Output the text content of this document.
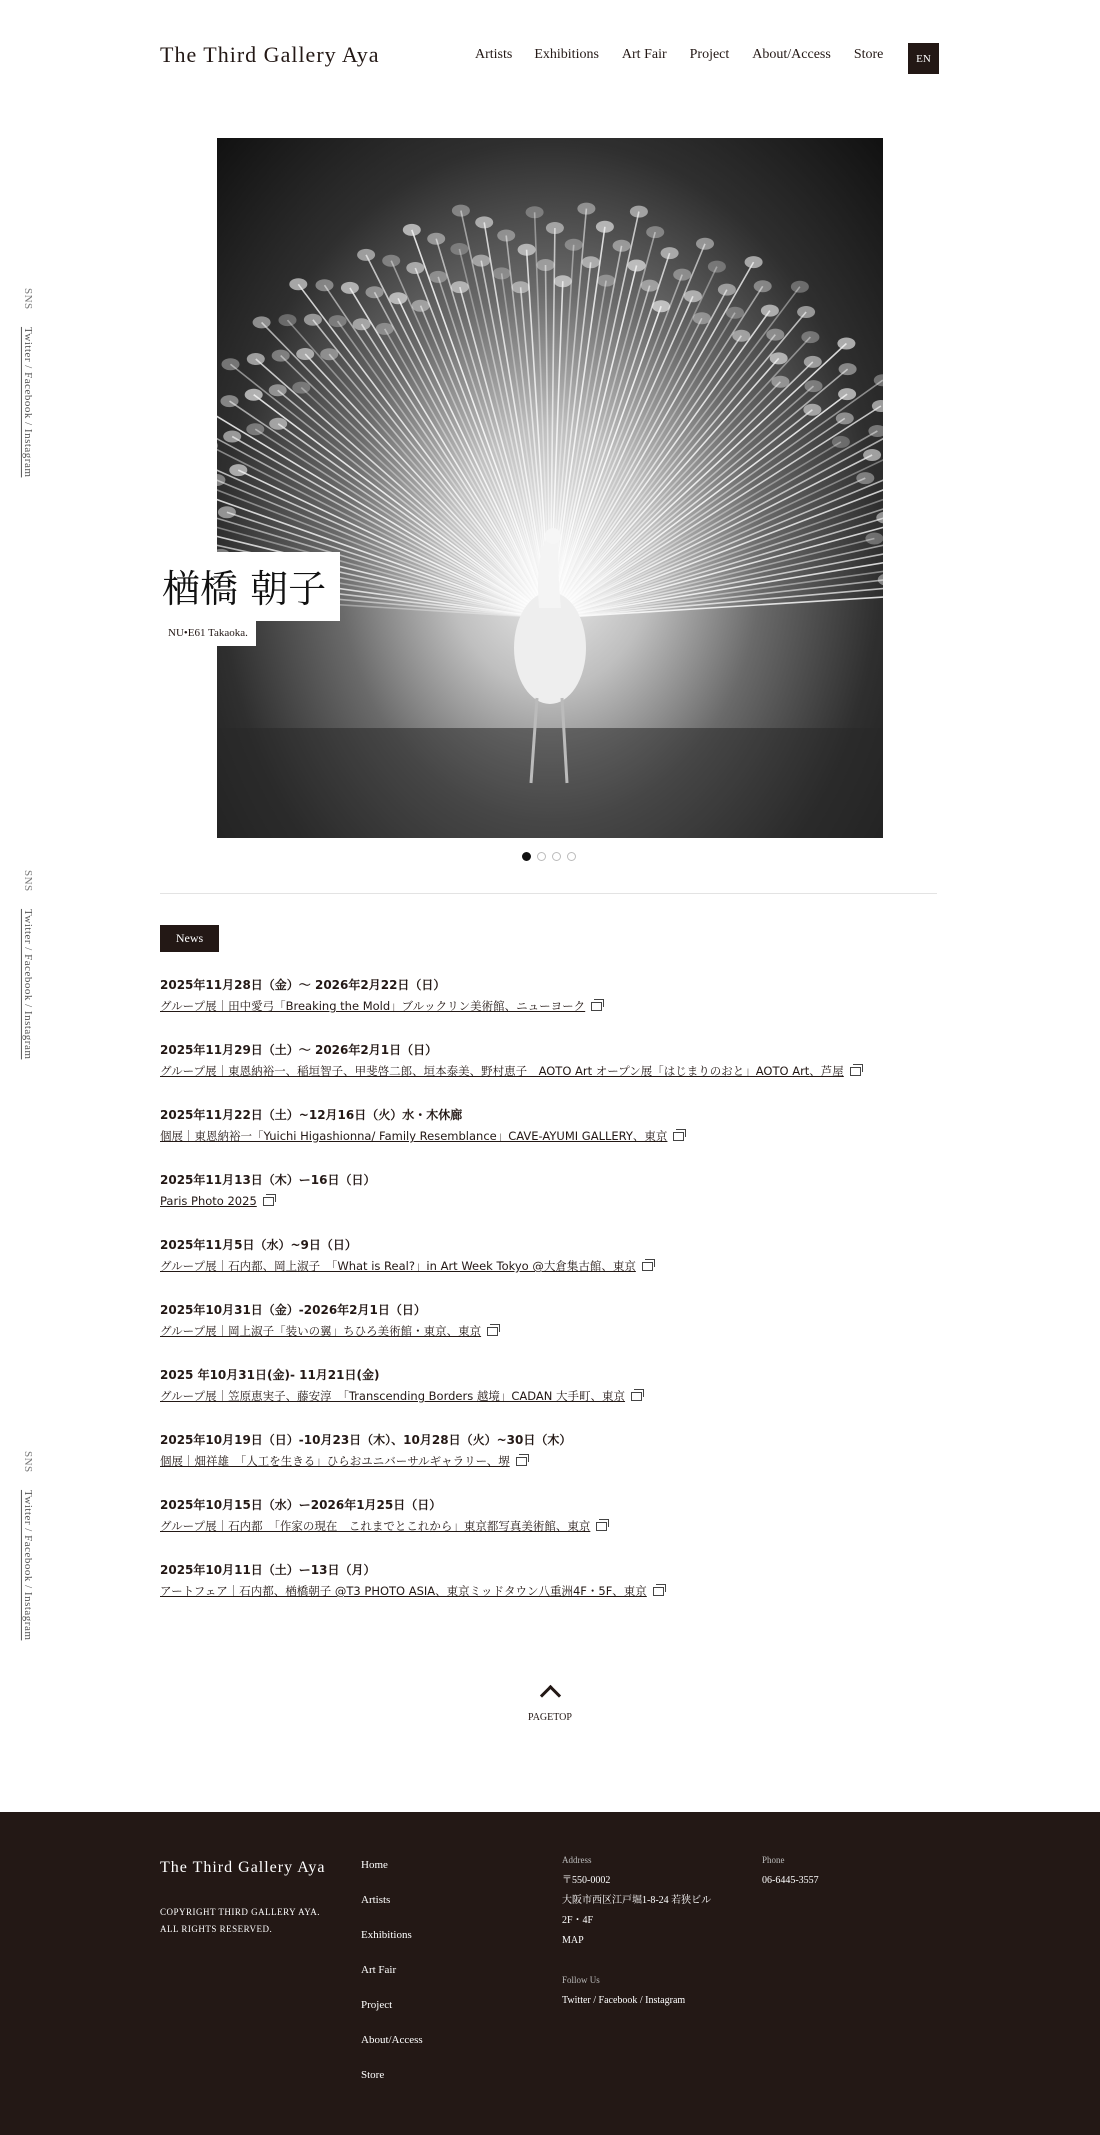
The Third Gallery Aya	Artists Exhibitions Art Fair Project About/Access Store	EN
SNS Twitter / Facebook / Instagram
SNS Twitter / Facebook / Instagram
SNS Twitter / Facebook / Instagram
楢橋 朝子
NU•E61 Takaoka.
News
2025年11月28日（金）〜 2026年2月22日（日）
グループ展｜田中愛弓「Breaking the Mold」ブルックリン美術館、ニューヨーク
2025年11月29日（土）〜 2026年2月1日（日）
グループ展｜東恩納裕一、稲垣智子、甲斐啓二郎、垣本泰美、野村恵子　AOTO Art オープン展「はじまりのおと」AOTO Art、芦屋
2025年11月22日（土）~12月16日（火）水・木休廊
個展｜東恩納裕一「Yuichi Higashionna/ Family Resemblance」CAVE-AYUMI GALLERY、東京
2025年11月13日（木）ー16日（日）
Paris Photo 2025
2025年11月5日（水）~9日（日）
グループ展｜石内都、岡上淑子　「What is Real?」in Art Week Tokyo @大倉集古館、東京
2025年10月31日（金）-2026年2月1日（日）
グループ展｜岡上淑子「装いの翼」ちひろ美術館・東京、東京
2025 年10月31日(金)- 11月21日(金)
グループ展｜笠原恵実子、藤安淳　「Transcending Borders 越境」CADAN 大手町、東京
2025年10月19日（日）-10月23日（木）、10月28日（火）~30日（木）
個展｜畑祥雄　「人工を生きる」ひらおユニバーサルギャラリー、堺
2025年10月15日（水）ー2026年1月25日（日）
グループ展｜石内都　「作家の現在　これまでとこれから」東京都写真美術館、東京
2025年10月11日（土）ー13日（月）
アートフェア｜石内都、楢橋朝子 @T3 PHOTO ASIA、東京ミッドタウン八重洲4F・5F、東京
PAGETOP
The Third Gallery Aya
COPYRIGHT THIRD GALLERY AYA.
ALL RIGHTS RESERVED.
Home
Artists
Exhibitions
Art Fair
Project
About/Access
Store
Address
〒550-0002
大阪市西区江戸堀1-8-24 若狭ビル
2F・4F
MAP
Follow Us
Twitter / Facebook / Instagram
Phone
06-6445-3557
